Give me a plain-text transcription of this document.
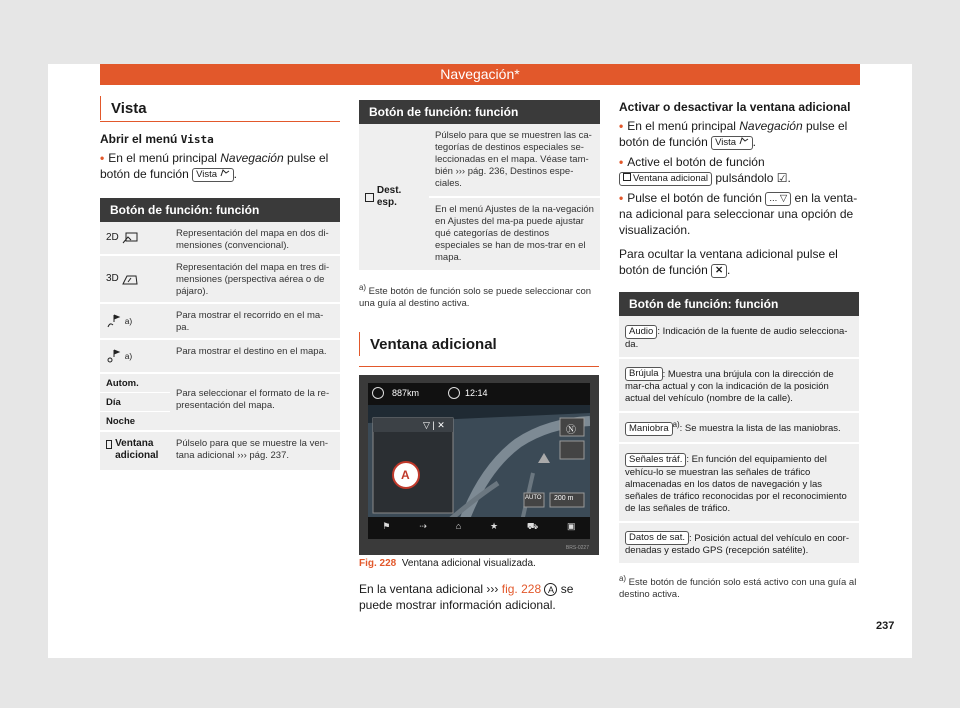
Navegación*
Vista
Abrir el menú Vista
• En el menú principal Navegación pulse el botón de función Vista .
Botón de función: función
2D
	Representación del mapa en dos di-mensiones (convencional).
3D

Representación del mapa en tres di-mensiones (perspectiva aérea o de pájaro).

a)	Para mostrar el recorrido en el ma-pa.

a)	Para mostrar el destino en el mapa.
Autom.
Día
Noche
Para seleccionar el formato de la re-presentación del mapa.
Ventana adicional
Púlselo para que se muestre la ven-tana adicional ››› pág. 237.
Botón de función: función
Dest. esp.
Púlselo para que se muestren las ca-tegorías de destinos especiales se-leccionadas en el mapa. Véase tam-bién ››› pág. 236, Destinos espe-ciales.
En el menú Ajustes de la na-vegación en Ajustes del ma-pa puede ajustar qué categorías de destinos especiales se han de mos-trar en el mapa.
$^{a)}$ Este botón de función solo se puede seleccionar con una guía al destino activa.
Ventana adicional
887km	12:14
▽ | ✕
A
Ⓝ
AUTO 200 m
⚑	⇢	⌂	★	⛟	▣
BRS-0227
Fig. 228 Ventana adicional visualizada.
En la ventana adicional ››› fig. 228 A se puede mostrar información adicional.
Activar o desactivar la ventana adicional
• En el menú principal Navegación pulse el botón de función Vista .
• Active el botón de función Ventana adicional pulsándolo ☑.
• Pulse el botón de función ... ▽ en la venta-na adicional para seleccionar una opción de visualización.
Para ocultar la ventana adicional pulse el botón de función ✕ .
Botón de función: función
Audio : Indicación de la fuente de audio selecciona-da.
Brújula : Muestra una brújula con la dirección de mar-cha actual y con la indicación de la posición actual del vehículo (nombre de la calle).
Maniobra $^{a)}$: Se muestra la lista de las maniobras.
Señales tráf. : En función del equipamiento del vehícu-lo se muestran las señales de tráfico almacenadas en los datos de navegación y las señales de tráfico reconocidas por el reconocimiento de las señales de tráfico.
Datos de sat. : Posición actual del vehículo en coor-denadas y estado GPS (recepción satélite).
$^{a)}$ Este botón de función solo está activo con una guía al destino activa.
237
